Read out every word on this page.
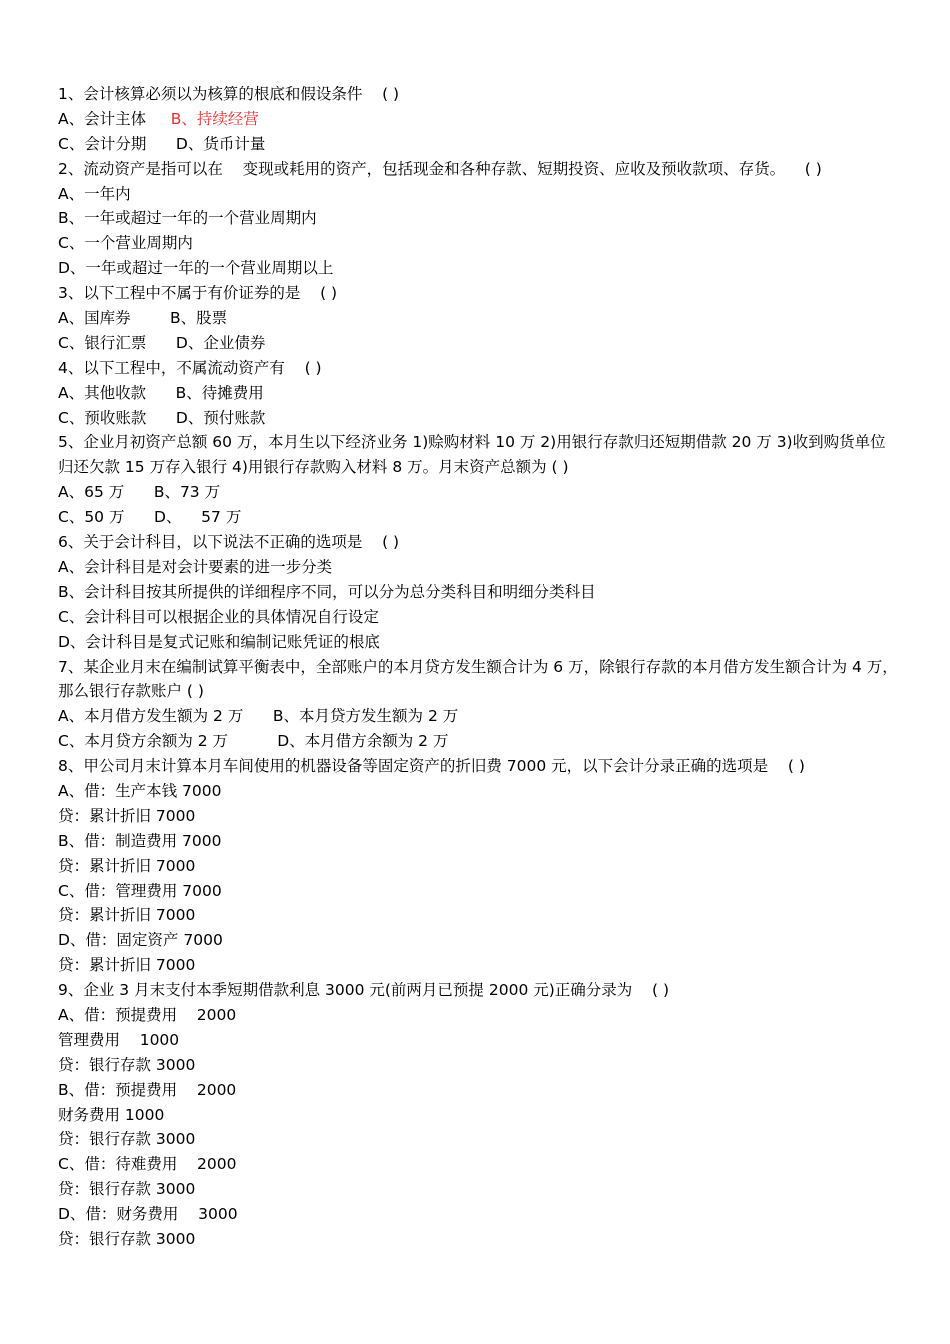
1、会计核算必须以为核算的根底和假设条件    ( )
A、会计主体     B、持续经营
C、会计分期      D、货币计量
2、流动资产是指可以在    变现或耗用的资产，包括现金和各种存款、短期投资、应收及预收款项、存货。    ( )
A、一年内
B、一年或超过一年的一个营业周期内
C、一个营业周期内
D、一年或超过一年的一个营业周期以上
3、以下工程中不属于有价证券的是    ( )
A、国库券        B、股票
C、银行汇票      D、企业债券
4、以下工程中，不属流动资产有    ( )
A、其他收款      B、待摊费用
C、预收账款      D、预付账款
5、企业月初资产总额 60 万，本月生以下经济业务 1)赊购材料 10 万 2)用银行存款归还短期借款 20 万 3)收到购货单位归还欠款 15 万存入银行 4)用银行存款购入材料 8 万。月末资产总额为 ( )
A、65 万      B、73 万
C、50 万      D、    57 万
6、关于会计科目，以下说法不正确的选项是    ( )
A、会计科目是对会计要素的进一步分类
B、会计科目按其所提供的详细程序不同，可以分为总分类科目和明细分类科目
C、会计科目可以根据企业的具体情况自行设定
D、会计科目是复式记账和编制记账凭证的根底
7、某企业月末在编制试算平衡表中，全部账户的本月贷方发生额合计为 6 万，除银行存款的本月借方发生额合计为 4 万，那么银行存款账户 ( )
A、本月借方发生额为 2 万      B、本月贷方发生额为 2 万
C、本月贷方余额为 2 万          D、本月借方余额为 2 万
8、甲公司月末计算本月车间使用的机器设备等固定资产的折旧费 7000 元，以下会计分录正确的选项是    ( )
A、借：生产本钱 7000
贷：累计折旧 7000
B、借：制造费用 7000
贷：累计折旧 7000
C、借：管理费用 7000
贷：累计折旧 7000
D、借：固定资产 7000
贷：累计折旧 7000
9、企业 3 月末支付本季短期借款利息 3000 元(前两月已预提 2000 元)正确分录为    ( )
A、借：预提费用    2000
管理费用    1000
贷：银行存款 3000
B、借：预提费用    2000
财务费用 1000
贷：银行存款 3000
C、借：待难费用    2000
贷：银行存款 3000
D、借：财务费用    3000
贷：银行存款 3000
